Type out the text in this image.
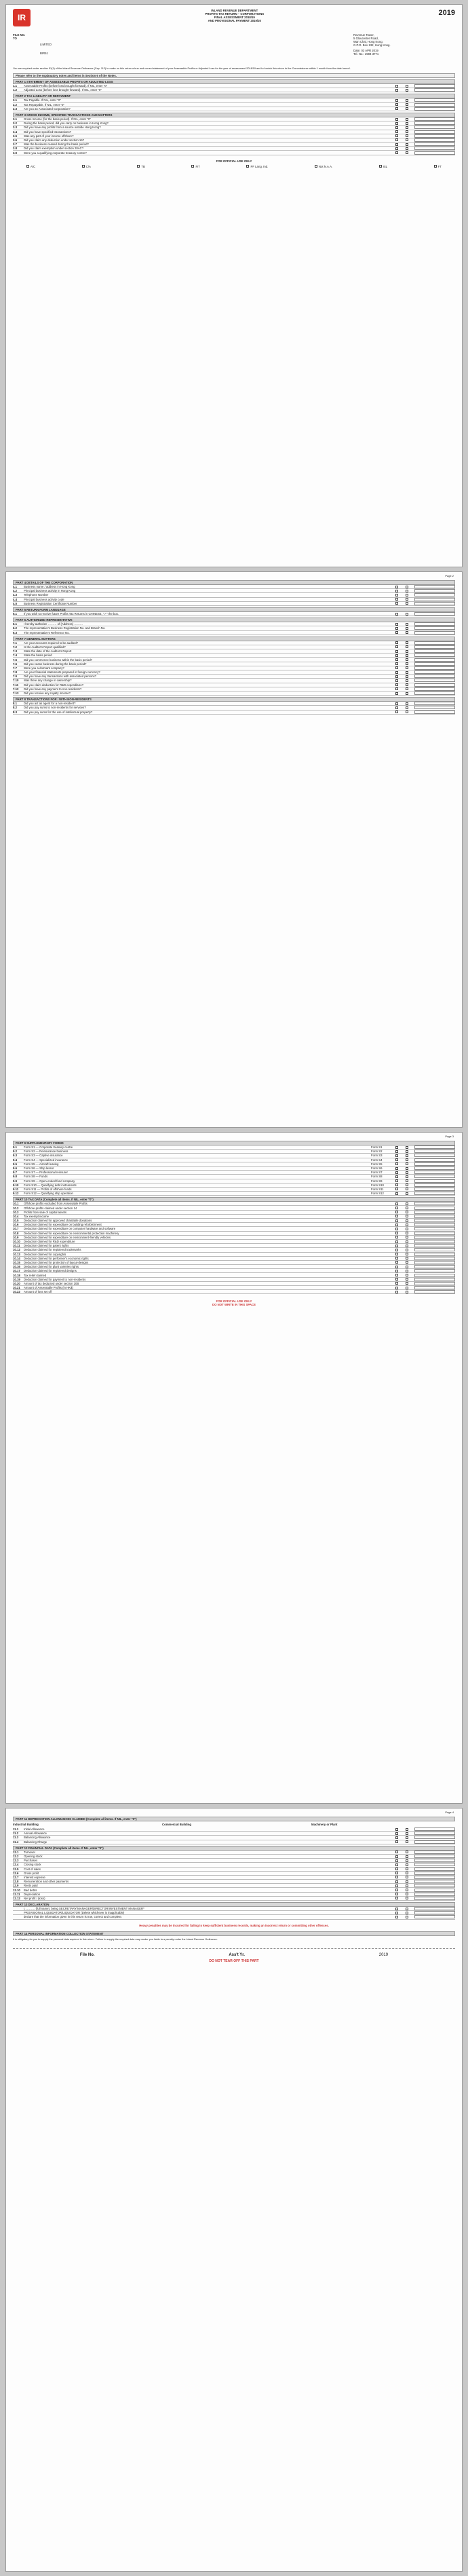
IR
INLAND REVENUE DEPARTMENT
PROFITS TAX RETURN – CORPORATIONS
FINAL ASSESSMENT 2018/19
AND PROVISIONAL PAYMENT 2019/20
2019
FILE NO.
TO
LIMITED
BIR51
Revenue Tower,
5 Gloucester Road,
Wan Chai, Hong Kong.
G.P.O. Box 132, Hong Kong.
Date: 03 APR 2019
Tel. No.: 2594 3771

You are required under section 51(1) of the Inland Revenue Ordinance (Cap. 112) to make on this return a true and correct statement of your Assessable Profits or Adjusted Loss for the year of assessment 2018/19 and to furnish this return to the Commissioner within 1 month from the date hereof.

Please refer to the explanatory notes and items in Section 6 of the Notes.
PART 1 STATEMENT OF ASSESSABLE PROFITS OR ADJUSTED LOSS
1.1	Assessable Profits (before loss brought forward). If NIL, enter "0"
1.2	Adjusted Loss (before loss brought forward). If NIL, enter "0"
PART 2 TAX LIABILITY OR REPAYMENT
2.1	Tax Payable. If NIL, enter "0"
2.2	Tax Repayable. If NIL, enter "0"
2.3	Are you an Associated Corporation?
PART 3 GROSS INCOME, SPECIFIED TRANSACTIONS AND MATTERS
3.1	Gross Income (for the basis period). If NIL, enter "0"
3.2	During the basis period, did you carry on business in Hong Kong?
3.3	Did you have any profits from a source outside Hong Kong?
3.4	Did you have specified transactions?
3.5	Was any part of your income offshore?
3.6	Did you claim any deduction under section 16?
3.7	Was the business ceased during the basis period?
3.8	Did you claim exemption under section 20AC?
3.9	Were you a qualifying corporate treasury centre?
FOR OFFICIAL USE ONLY
A/C	C/A	TB	FIT	PF Lang. Ind.	Not N.A.A.	ISL	FT
Page 2
PART 4 DETAILS OF THE CORPORATION
4.1	Business name / address in Hong Kong
4.2	Principal business activity in Hong Kong
4.3	Telephone Number
4.4	Principal business activity code
4.5	Business Registration Certificate Number
PART 5 RETURN FORM LANGUAGE
5.1	If you wish to receive future Profits Tax Returns in CHINESE, "✓" the box.
PART 6 AUTHORIZED REPRESENTATIVE
6.1	I hereby authorize ……… of (Address) ………
6.2	The representative's Business Registration No. and Branch No.
6.3	The representative's Reference No.
PART 7 GENERAL MATTERS
7.1	Are your accounts required to be audited?
7.2	Is the Auditor's Report qualified?
7.3	State the date of the Auditor's Report
7.4	State the basis period
7.5	Did you commence business within the basis period?
7.6	Did you cease business during the basis period?
7.7	Were you a dormant company?
7.8	Are your financial statements prepared in foreign currency?
7.9	Did you have any transactions with associated persons?
7.10	Was there any change in ownership?
7.11	Did you claim deduction for R&D expenditure?
7.12	Did you have any payment to non-residents?
7.13	Did you receive any royalty income?
PART 8 TRANSACTIONS FOR / WITH NON-RESIDENTS
8.1	Did you act as agent for a non-resident?
8.2	Did you pay sums to non-residents for services?
8.3	Did you pay sums for the use of intellectual property?
Page 3
PART 9 SUPPLEMENTARY FORMS
9.1	Form S1 — Corporate treasury centre	Form S1
9.2	Form S2 — Reinsurance business	Form S2
9.3	Form S3 — Captive insurance	Form S3
9.4	Form S4 — Specialized insurance	Form S4
9.5	Form S5 — Aircraft leasing	Form S5
9.6	Form S6 — Ship lessor	Form S6
9.7	Form S7 — Professional reinsurer	Form S7
9.8	Form S8 — Funds	Form S8
9.9	Form S9 — Open-ended fund company	Form S9
9.10	Form S10 — Qualifying debt instruments	Form S10
9.11	Form S11 — Profits of offshore funds	Form S11
9.12	Form S12 — Qualifying ship operation	Form S12
PART 10 TAX DATA (Complete all items. If NIL, enter "0")
10.1	Offshore profits excluded from Assessable Profits
10.2	Offshore profits claimed under section 14
10.3	Profits from sale of capital assets
10.4	Tax exempt income
10.5	Deduction claimed for approved charitable donations
10.6	Deduction claimed for expenditure on building refurbishment
10.7	Deduction claimed for expenditure on computer hardware and software
10.8	Deduction claimed for expenditure on environmental protection machinery
10.9	Deduction claimed for expenditure on environment-friendly vehicles
10.10	Deduction claimed for R&D expenditure
10.11	Deduction claimed for patent rights
10.12	Deduction claimed for registered trademarks
10.13	Deduction claimed for copyrights
10.14	Deduction claimed for performer's economic rights
10.15	Deduction claimed for protection of layout-designs
10.16	Deduction claimed for plant varieties rights
10.17	Deduction claimed for registered designs
10.18	Tax relief claimed
10.19	Deduction claimed for payment to non-residents
10.20	Amount of tax deducted under section 20B
10.21	Amount of Assessable Profits (in HK$)
10.22	Amount of loss set off
FOR OFFICIAL USE ONLY
DO NOT WRITE IN THIS SPACE
Page 4
PART 11 DEPRECIATION ALLOWANCES CLAIMED (Complete all items. If NIL, enter "0")
Industrial Building	Commercial Building	Machinery or Plant
11.1	Initial Allowance
11.2	Annual Allowance
11.3	Balancing Allowance
11.4	Balancing Charge
PART 12 FINANCIAL DATA (Complete all items. If NIL, enter "0")
12.1	Turnover
12.2	Opening stock
12.3	Purchases
12.4	Closing stock
12.5	Cost of sales
12.6	Gross profit
12.7	Interest expense
12.8	Remuneration and other payments
12.9	Rents paid
12.10	Bad debts
12.11	Depreciation
12.12	Net profit / (loss)
PART 13 DECLARATION
I, ……… (full name), being SECRETARY/MANAGER/DIRECTOR/INVESTMENT MANAGER*
PROVISIONAL LIQUIDATOR/LIQUIDATOR (Delete whichever is inapplicable)
declare that the information given in this return is true, correct and complete.

Heavy penalties may be incurred for failing to keep sufficient business records, making an incorrect return or committing other offences.

PART 14 PERSONAL INFORMATION COLLECTION STATEMENT

It is obligatory for you to supply the personal data required in this return. Failure to supply the required data may render you liable to a penalty under the Inland Revenue Ordinance.

File No.	Ass't Yr.	2019
DO NOT TEAR OFF THIS PART
